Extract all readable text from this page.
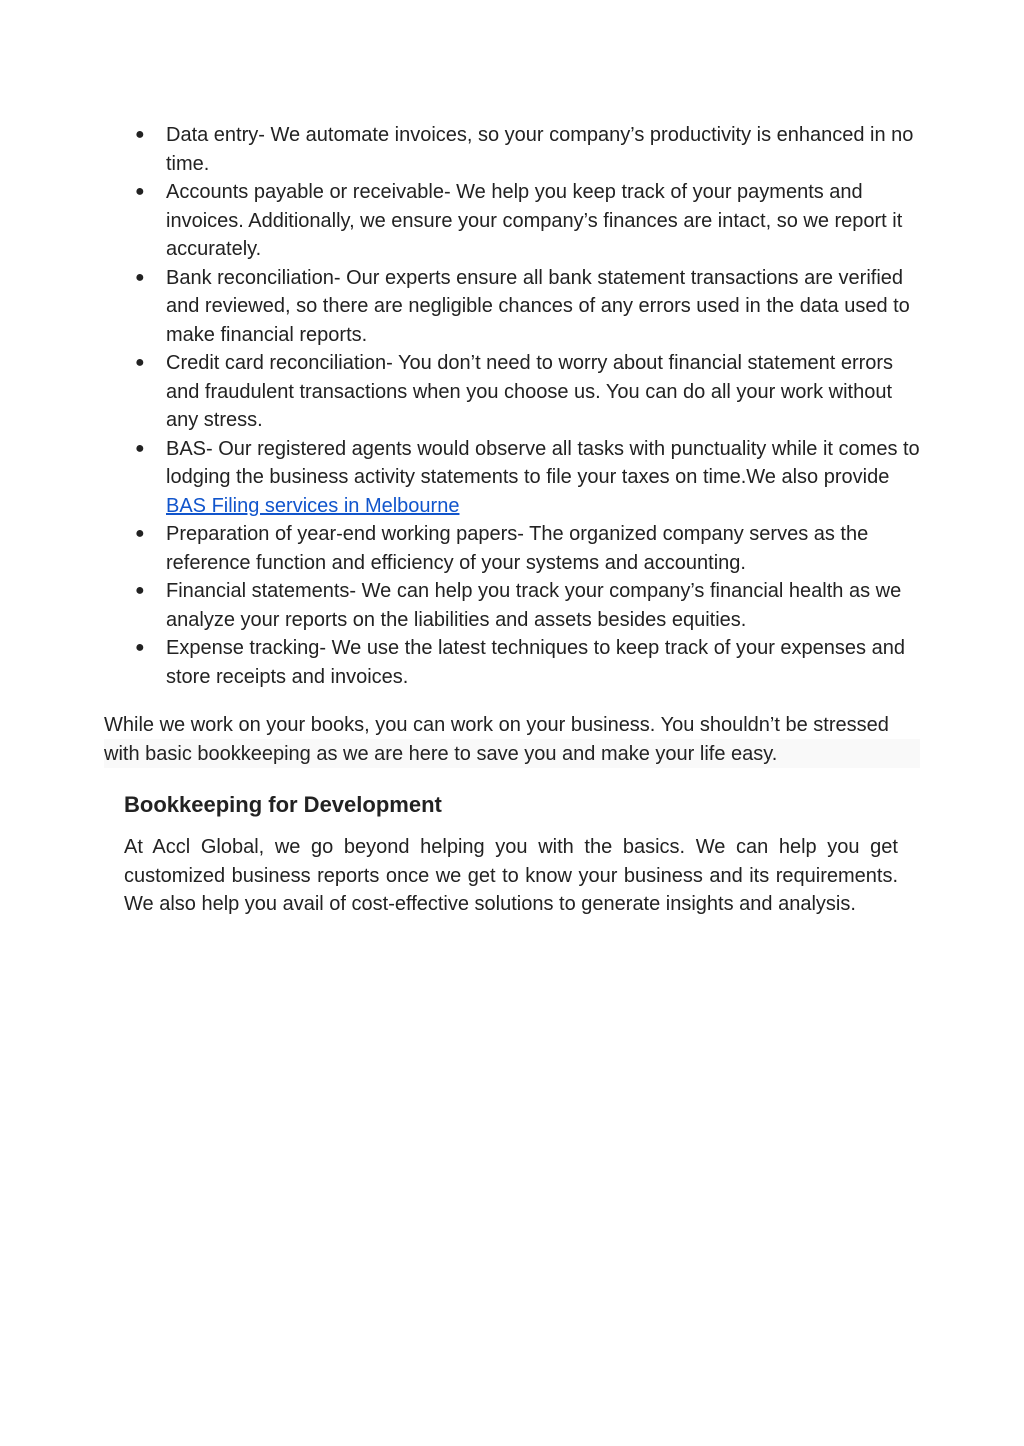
● Data entry- We automate invoices, so your company’s productivity is enhanced in no time.
● Accounts payable or receivable- We help you keep track of your payments and invoices. Additionally, we ensure your company’s finances are intact, so we report it accurately.
● Bank reconciliation- Our experts ensure all bank statement transactions are verified and reviewed, so there are negligible chances of any errors used in the data used to make financial reports.
● Credit card reconciliation- You don’t need to worry about financial statement errors and fraudulent transactions when you choose us. You can do all your work without any stress.
● BAS- Our registered agents would observe all tasks with punctuality while it comes to lodging the business activity statements to file your taxes on time.We also provide BAS Filing services in Melbourne
● Preparation of year-end working papers- The organized company serves as the reference function and efficiency of your systems and accounting.
● Financial statements- We can help you track your company’s financial health as we analyze your reports on the liabilities and assets besides equities.
● Expense tracking- We use the latest techniques to keep track of your expenses and store receipts and invoices.

While we work on your books, you can work on your business. You shouldn’t be stressed with basic bookkeeping as we are here to save you and make your life easy.

Bookkeeping for Development

At Accl Global, we go beyond helping you with the basics. We can help you get customized business reports once we get to know your business and its requirements. We also help you avail of cost-effective solutions to generate insights and analysis.
